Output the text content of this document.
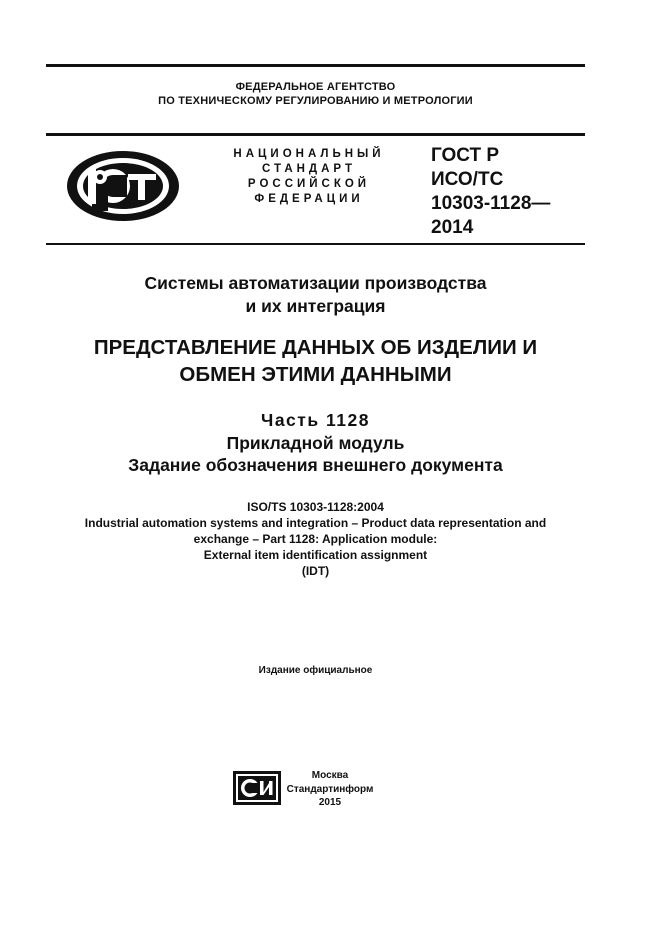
ФЕДЕРАЛЬНОЕ АГЕНТСТВО
ПО ТЕХНИЧЕСКОМУ РЕГУЛИРОВАНИЮ И МЕТРОЛОГИИ
НАЦИОНАЛЬНЫЙ
СТАНДАРТ
РОССИЙСКОЙ
ФЕДЕРАЦИИ
ГОСТ Р
ИСО/ТС
10303-1128—
2014
Системы автоматизации производства
и их интеграция
ПРЕДСТАВЛЕНИЕ ДАННЫХ ОБ ИЗДЕЛИИ И
ОБМЕН ЭТИМИ ДАННЫМИ
Часть 1128
Прикладной модуль
Задание обозначения внешнего документа
ISO/TS 10303-1128:2004
Industrial automation systems and integration – Product data representation and
exchange – Part 1128: Application module:
External item identification assignment
(IDT)
Издание официальное
Москва
Стандартинформ
2015
